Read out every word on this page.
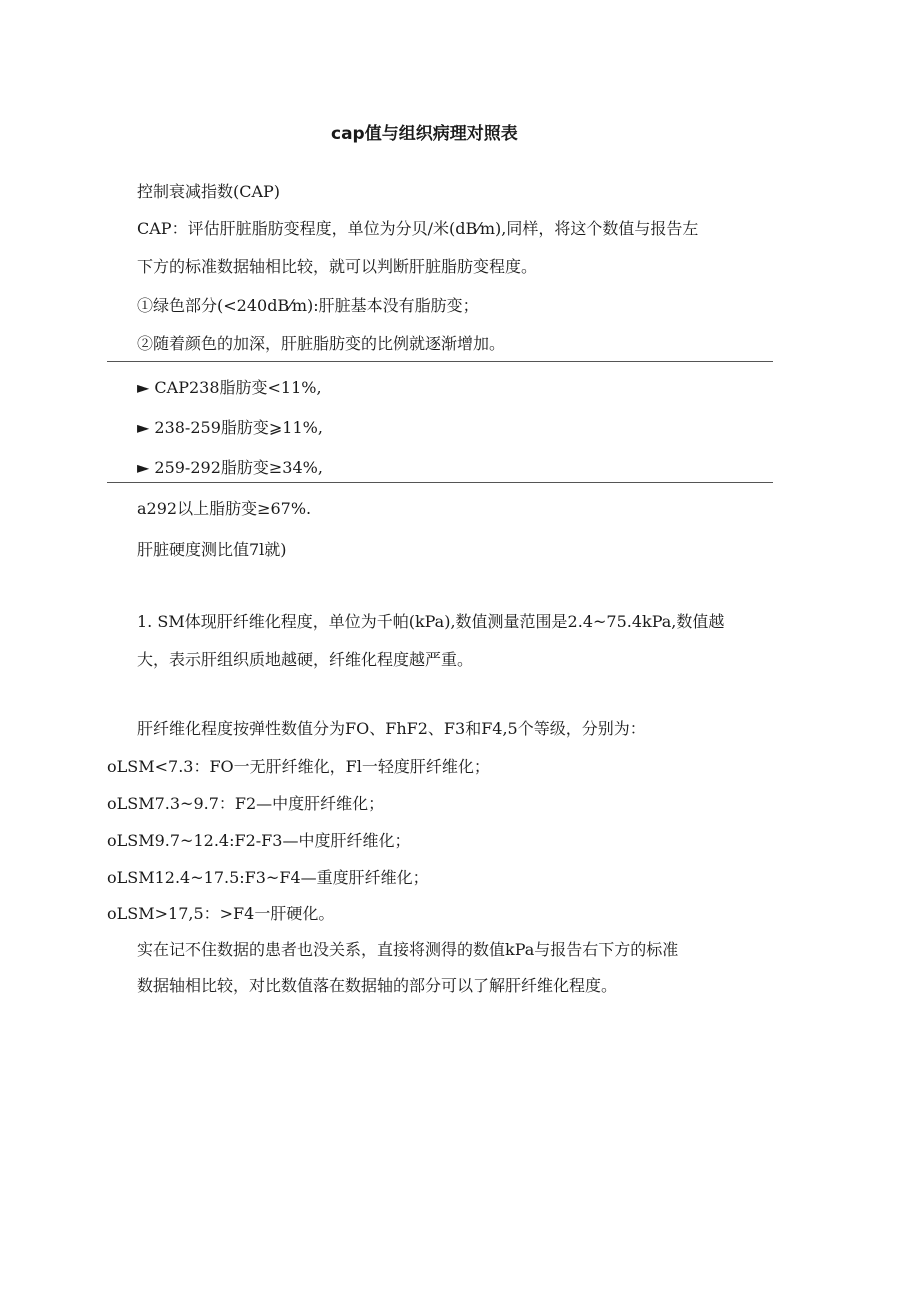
cap值与组织病理对照表
控制衰减指数(CAP)
CAP：评估肝脏脂肪变程度，单位为分贝/米(dB⁄m),同样，将这个数值与报告左
下方的标准数据轴相比较，就可以判断肝脏脂肪变程度。
①绿色部分(<240dB⁄m):肝脏基本没有脂肪变；
②随着颜色的加深，肝脏脂肪变的比例就逐渐增加。
► CAP238脂肪变<11%,
► 238-259脂肪变⩾11%,
► 259-292脂肪变≥34%,
a292以上脂肪变≥67%.
肝脏硬度测比值7l就)
1. SM体现肝纤维化程度，单位为千帕(kPa),数值测量范围是2.4~75.4kPa,数值越
大，表示肝组织质地越硬，纤维化程度越严重。
肝纤维化程度按弹性数值分为FO、FhF2、F3和F4,5个等级，分别为：
oLSM<7.3：FO一无肝纤维化，Fl一轻度肝纤维化；
oLSM7.3~9.7：F2—中度肝纤维化；
oLSM9.7~12.4:F2-F3—中度肝纤维化；
oLSM12.4~17.5:F3~F4—重度肝纤维化；
oLSM>17,5：>F4一肝硬化。
实在记不住数据的患者也没关系，直接将测得的数值kPa与报告右下方的标准
数据轴相比较，对比数值落在数据轴的部分可以了解肝纤维化程度。
